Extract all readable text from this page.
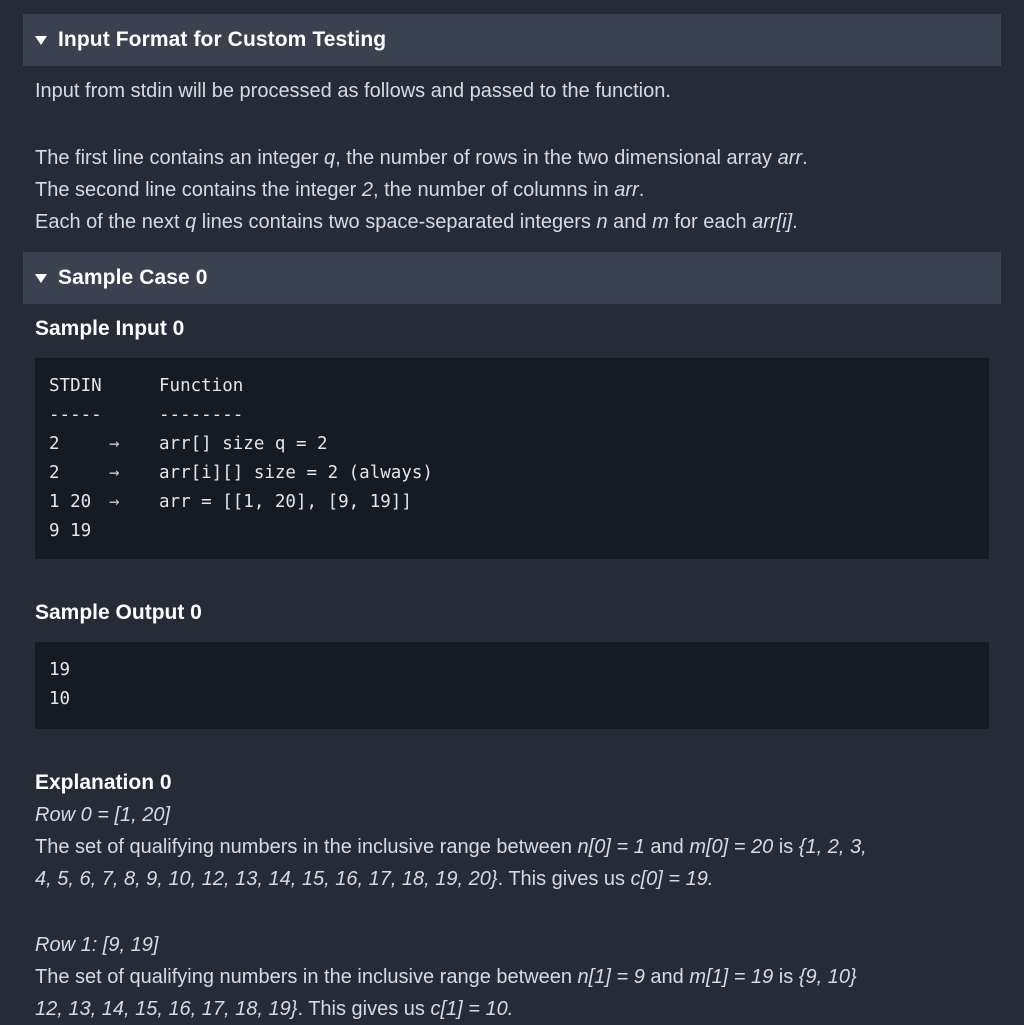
Input Format for Custom Testing

Input from stdin will be processed as follows and passed to the function.

The first line contains an integer q, the number of rows in the two dimensional array arr.

The second line contains the integer 2, the number of columns in arr.

Each of the next q lines contains two space-separated integers n and m for each arr[i].

Sample Case 0
Sample Input 0
STDIN	Function
-----	--------
2	→	arr[] size q = 2
2	→	arr[i][] size = 2 (always)
1 20	→	arr = [[1, 20], [9, 19]]
9 19
Sample Output 0
19
10
Explanation 0

Row 0 = [1, 20]

The set of qualifying numbers in the inclusive range between n[0] = 1 and m[0] = 20 is {1, 2, 3,
4, 5, 6, 7, 8, 9, 10, 12, 13, 14, 15, 16, 17, 18, 19, 20}. This gives us c[0] = 19.

Row 1: [9, 19]

The set of qualifying numbers in the inclusive range between n[1] = 9 and m[1] = 19 is {9, 10}
12, 13, 14, 15, 16, 17, 18, 19}. This gives us c[1] = 10.
